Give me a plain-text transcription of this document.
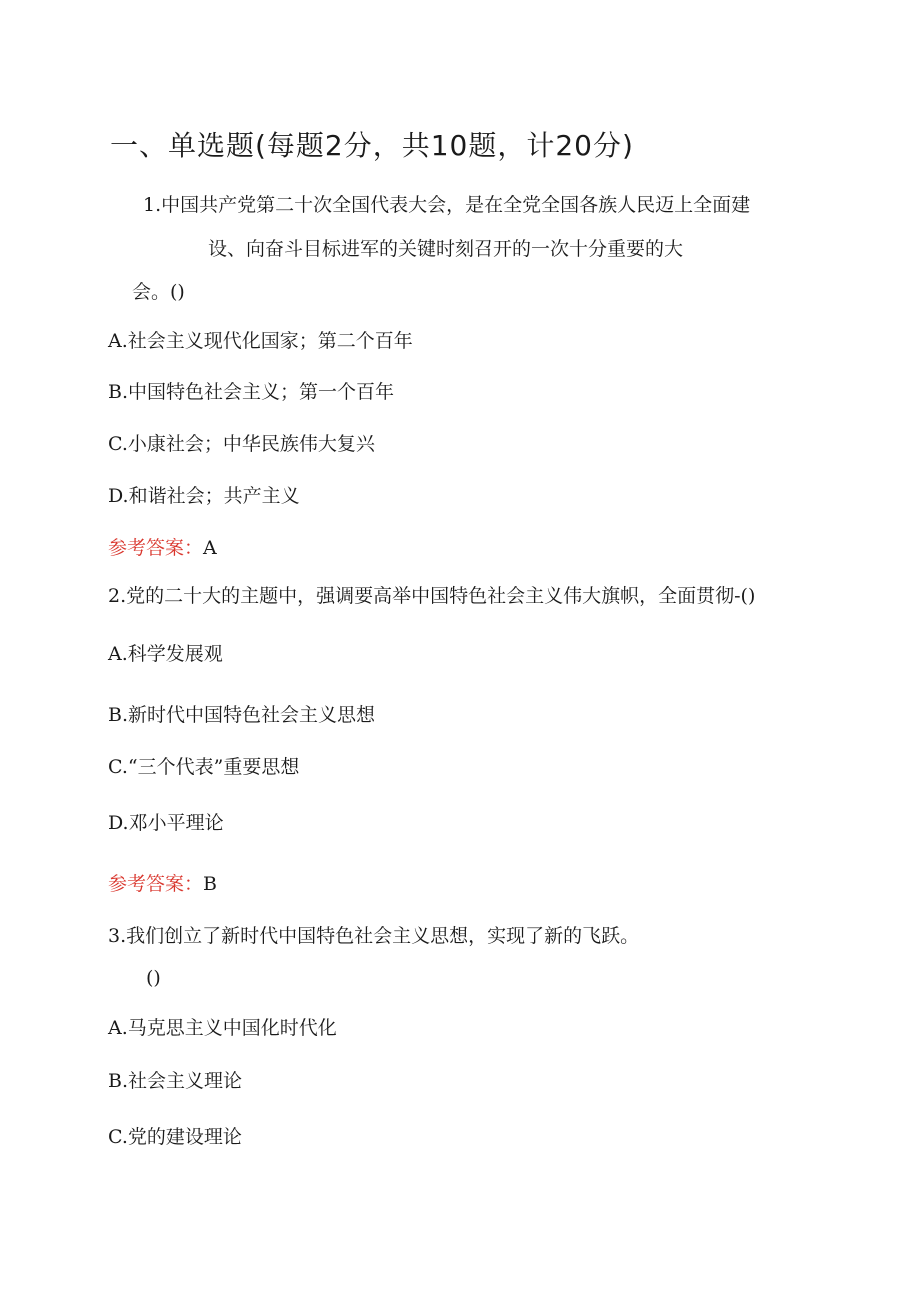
一、单选题(每题2分，共10题，计20分)
1.中国共产党第二十次全国代表大会，是在全党全国各族人民迈上全面建
设、向奋斗目标进军的关键时刻召开的一次十分重要的大
会。()
A.社会主义现代化国家；第二个百年
B.中国特色社会主义；第一个百年
C.小康社会；中华民族伟大复兴
D.和谐社会；共产主义
参考答案：A
2.党的二十大的主题中，强调要高举中国特色社会主义伟大旗帜，全面贯彻-()
A.科学发展观
B.新时代中国特色社会主义思想
C.“三个代表”重要思想
D.邓小平理论
参考答案：B
3.我们创立了新时代中国特色社会主义思想，实现了新的飞跃。
()
A.马克思主义中国化时代化
B.社会主义理论
C.党的建设理论
